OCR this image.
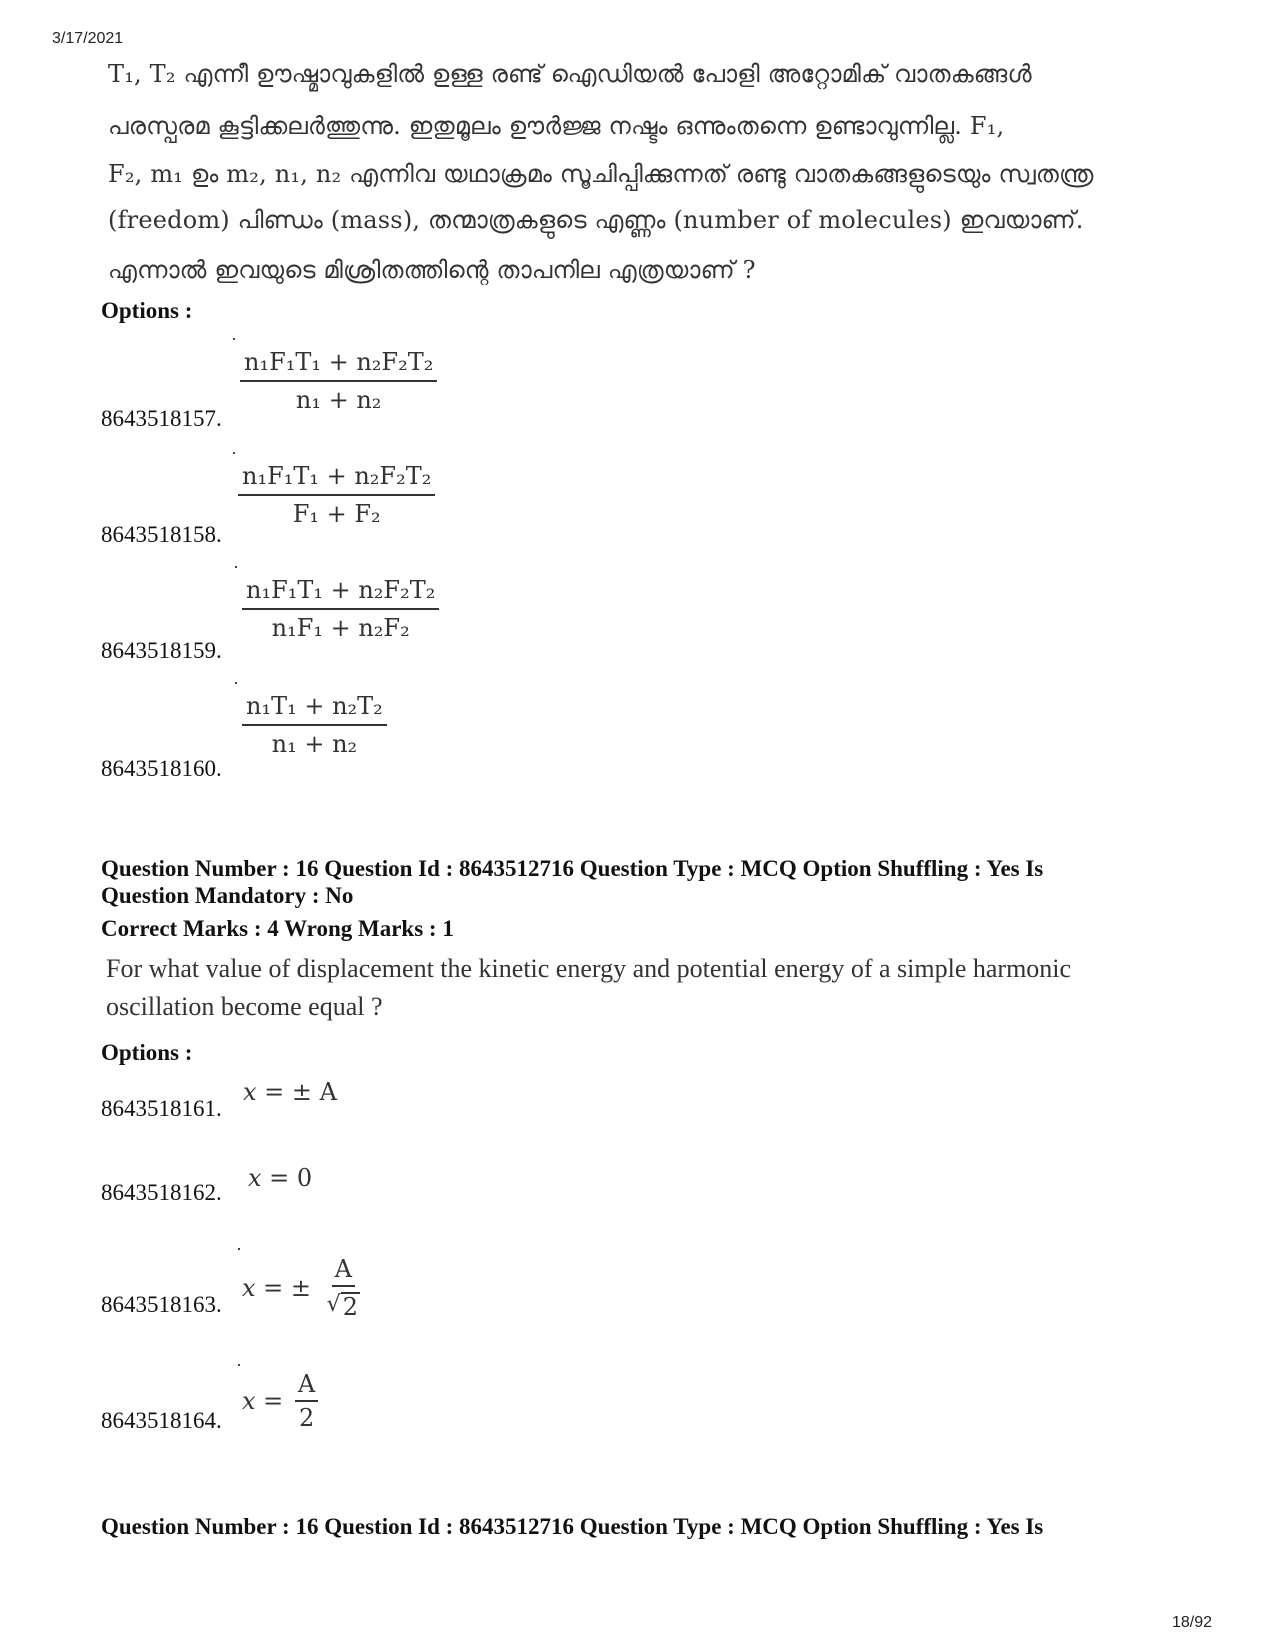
3/17/2021
T₁, T₂ എന്നീ ഊഷ്മാവുകളിൽ ഉള്ള രണ്ട് ഐഡിയൽ പോളി അറ്റോമിക് വാതകങ്ങൾ
പരസ്പരമ കൂട്ടിക്കലർത്തുന്നു. ഇതുമൂലം ഊർജ്ജ നഷ്ടം ഒന്നുംതന്നെ ഉണ്ടാവുന്നില്ല. F₁,
F₂, m₁ ഉം m₂, n₁, n₂ എന്നിവ യഥാക്രമം സൂചിപ്പിക്കുന്നത് രണ്ടു വാതകങ്ങളുടെയും സ്വതന്ത്ര
(freedom) പിണ്ഡം (mass), തന്മാത്രകളുടെ എണ്ണം (number of molecules) ഇവയാണ്.
എന്നാൽ ഇവയുടെ മിശ്രിതത്തിന്റെ താപനില എത്രയാണ് ?
Options :
$\frac{\text{n₁F₁T₁ + n₂F₂T₂}}{\text{n₁ + n₂}}$
8643518157.
$\frac{\text{n₁F₁T₁ + n₂F₂T₂}}{\text{F₁ + F₂}}$
8643518158.
$\frac{\text{n₁F₁T₁ + n₂F₂T₂}}{\text{n₁F₁ + n₂F₂}}$
8643518159.
$\frac{\text{n₁T₁ + n₂T₂}}{\text{n₁ + n₂}}$
8643518160.
Question Number : 16 Question Id : 8643512716 Question Type : MCQ Option Shuffling : Yes Is
Question Mandatory : No
Correct Marks : 4 Wrong Marks : 1
For what value of displacement the kinetic energy and potential energy of a simple harmonic
oscillation become equal ?
Options :
x = ± A
8643518161.
x = 0
8643518162.
x = ± $\frac{A}{√ 2}$
8643518163.
$x = \frac{A}{2}$
8643518164.
Question Number : 16 Question Id : 8643512716 Question Type : MCQ Option Shuffling : Yes Is
18/92
